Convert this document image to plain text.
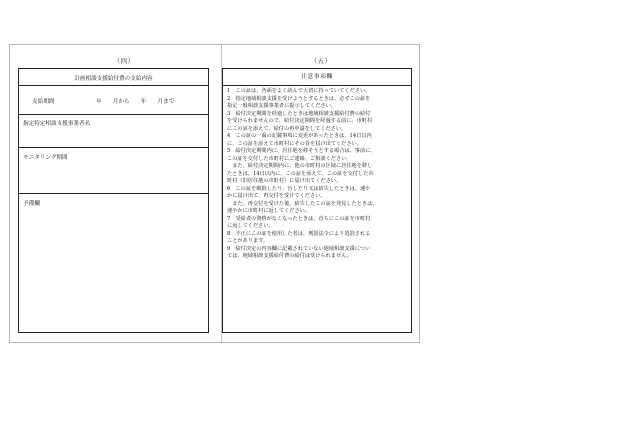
（四）	（五）
計画相談支援給付費の支給内容
支給期間	年　　月から　　年　　月まで
指定特定相談支援事業者名
モニタリング期間
予備欄
注意事項欄
1　この証は、各面をよく読んで大切に持っていてください。
2　指定地域相談支援を受けようとするときは、必ずこの証を
指定一般相談支援事業者に提示してください。
3　給付決定期間を経過したときは地域相談支援給付費の給付
を受けられませんので、給付決定期間を経過する前に、市町村
にこの証を添えて、給付の再申請をしてください。
4　この証の一面の記載事項に変更があったときは、14日以内
に、この証を添えて市町村にその旨を届け出てください。
5　給付決定期間内に、居住地を移そうとする場合は、事前に、
この証を交付した市町村にご連絡、ご相談ください。
　また、給付決定期間内に、他の市町村の区域に居住地を移し
たときは、14日以内に、この証を添えて、この証を交付した市
町村（旧居住地の市町村）に届け出てください。
6　この証を破損したり、汚したり又は紛失したときは、速や
かに届け出て、再交付を受けてください。
　また、再交付を受けた後、紛失したこの証を発見したときは、
速やかに市町村に返してください。
7　受給者の資格がなくなったときは、直ちにこの証を市町村
に返してください。
8　不正にこの証を使用した者は、刑罰法令により処罰される
ことがあります。
9　給付決定の内容欄に記載されていない地域相談支援につい
ては、地域相談支援給付費の給付は受けられません。
